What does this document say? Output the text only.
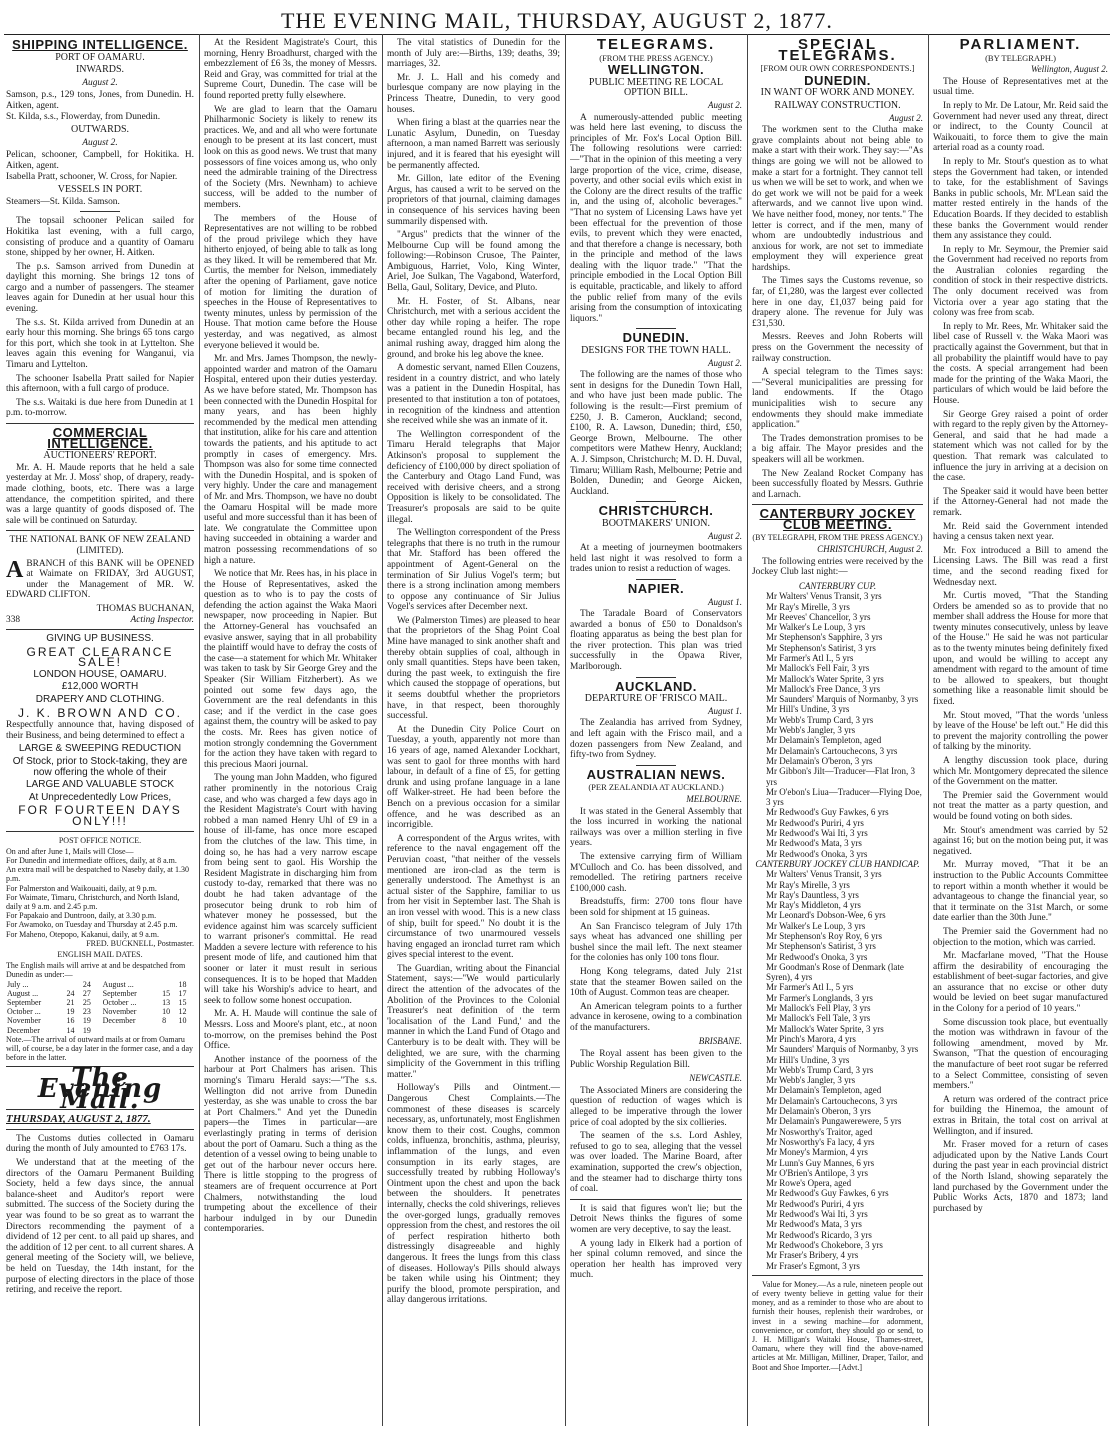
THE EVENING MAIL, THURSDAY, AUGUST 2, 1877.
SHIPPING INTELLIGENCE.
PORT OF OAMARU.
INWARDS.
August 2.

Samson, p.s., 129 tons, Jones, from Dunedin. H. Aitken, agent.
St. Kilda, s.s., Flowerday, from Dunedin.

OUTWARDS.
August 2.

Pelican, schooner, Campbell, for Hokitika. H. Aitken, agent.
Isabella Pratt, schooner, W. Cross, for Napier.

VESSELS IN PORT.

Steamers—St. Kilda. Samson.

The topsail schooner Pelican sailed for Hokitika last evening, with a full cargo, consisting of produce and a quantity of Oamaru stone, shipped by her owner, H. Aitken.

The p.s. Samson arrived from Dunedin at daylight this morning. She brings 12 tons of cargo and a number of passengers. The steamer leaves again for Dunedin at her usual hour this evening.

The s.s. St. Kilda arrived from Dunedin at an early hour this morning. She brings 65 tons cargo for this port, which she took in at Lyttelton. She leaves again this evening for Wanganui, via Timaru and Lyttelton.

The schooner Isabella Pratt sailed for Napier this afternoon, with a full cargo of produce.

The s.s. Waitaki is due here from Dunedin at 1 p.m. to-morrow.

COMMERCIAL INTELLIGENCE.
AUCTIONEERS' REPORT.

Mr. A. H. Maude reports that he held a sale yesterday at Mr. J. Moss' shop, of drapery, ready-made clothing, boots, etc. There was a large attendance, the competition spirited, and there was a large quantity of goods disposed of. The sale will be continued on Saturday.

THE NATIONAL BANK OF NEW ZEALAND (LIMITED).

ABRANCH of this BANK will be OPENED at Waimate on FRIDAY, 3rd AUGUST, under the Management of MR. W. EDWARD CLIFTON.

THOMAS BUCHANAN,
338	Acting Inspector.
GIVING UP BUSINESS.
GREAT CLEARANCE SALE!
LONDON HOUSE, OAMARU.
£12,000 WORTH
DRAPERY AND CLOTHING.
J. K. BROWN AND CO.

Respectfully announce that, having disposed of their Business, and being determined to effect a

LARGE & SWEEPING REDUCTION
Of Stock, prior to Stock-taking, they are now offering the whole of their
LARGE AND VALUABLE STOCK
At Unprecedentedly Low Prices,
FOR FOURTEEN DAYS ONLY!!!
POST OFFICE NOTICE.
On and after June 1, Mails will Close—
For Dunedin and intermediate offices, daily, at 8 a.m.
An extra mail will be despatched to Naseby daily, at 1.30 p.m.
For Palmerston and Waikouaiti, daily, at 9 p.m.
For Waimate, Timaru, Christchurch, and North Island, daily at 9 a.m. and 2.45 p.m.
For Papakaio and Duntroon, daily, at 3.30 p.m.
For Awamoko, on Tuesday and Thursday at 2.45 p.m.
For Maheno, Otepopo, Kakanui, daily, at 9 a.m.
FRED. BUCKNELL, Postmaster.
ENGLISH MAIL DATES.
The English mails will arrive at and be despatched from Dunedin as under:—
July ...		24		August ...		18
August ...	24	27		September	15	17
September	21	25		October ...	13	15
October ...	19	23		November	10	12
November	16	19		December	8	10
December	14	19				
Note.—The arrival of outward mails at or from Oamaru will, of course, be a day later in the former case, and a day before in the latter.
The Evening Mail.
THURSDAY, AUGUST 2, 1877.

The Customs duties collected in Oamaru during the month of July amounted to £763 17s.

We understand that at the meeting of the directors of the Oamaru Permanent Building Society, held a few days since, the annual balance-sheet and Auditor's report were submitted. The success of the Society during the year was found to be so great as to warrant the Directors recommending the payment of a dividend of 12 per cent. to all paid up shares, and the addition of 12 per cent. to all current shares. A general meeting of the Society will, we believe, be held on Tuesday, the 14th instant, for the purpose of electing directors in the place of those retiring, and receive the report.

At the Resident Magistrate's Court, this morning, Henry Broadhurst, charged with the embezzlement of £6 3s, the money of Messrs. Reid and Gray, was committed for trial at the Supreme Court, Dunedin. The case will be found reported pretty fully elsewhere.

We are glad to learn that the Oamaru Philharmonic Society is likely to renew its practices. We, and and all who were fortunate enough to be present at its last concert, must look on this as good news. We trust that many possessors of fine voices among us, who only need the admirable training of the Directress of the Society (Mrs. Newnham) to achieve success, will be added to the number of members.

The members of the House of Representatives are not willing to be robbed of the proud privilege which they have hitherto enjoyed, of being able to talk as long as they liked. It will be remembered that Mr. Curtis, the member for Nelson, immediately after the opening of Parliament, gave notice of motion for limiting the duration of speeches in the House of Representatives to twenty minutes, unless by permission of the House. That motion came before the House yesterday, and was negatived, as almost everyone believed it would be.

Mr. and Mrs. James Thompson, the newly-appointed warder and matron of the Oamaru Hospital, entered upon their duties yesterday. As we have before stated, Mr. Thompson has been connected with the Dunedin Hospital for many years, and has been highly recommended by the medical men attending that institution, alike for his care and attention towards the patients, and his aptitude to act promptly in cases of emergency. Mrs. Thompson was also for some time connected with the Dunedin Hospital, and is spoken of very highly. Under the care and management of Mr. and Mrs. Thompson, we have no doubt the Oamaru Hospital will be made more useful and more successful than it has been of late. We congratulate the Committee upon having succeeded in obtaining a warder and matron possessing recommendations of so high a nature.

We notice that Mr. Rees has, in his place in the House of Representatives, asked the question as to who is to pay the costs of defending the action against the Waka Maori newspaper, now proceeding in Napier. But the Attorney-General has vouchsafed an evasive answer, saying that in all probability the plaintiff would have to defray the costs of the case—a statement for which Mr. Whitaker was taken to task by Sir George Grey and the Speaker (Sir William Fitzherbert). As we pointed out some few days ago, the Government are the real defendants in this case; and if the verdict in the case goes against them, the country will be asked to pay the costs. Mr. Rees has given notice of motion strongly condemning the Government for the action they have taken with regard to this precious Maori journal.

The young man John Madden, who figured rather prominently in the notorious Craig case, and who was charged a few days ago in the Resident Magistrate's Court with having robbed a man named Henry Uhl of £9 in a house of ill-fame, has once more escaped from the clutches of the law. This time, in doing so, he has had a very narrow escape from being sent to gaol. His Worship the Resident Magistrate in discharging him from custody to-day, remarked that there was no doubt he had taken advantage of the prosecutor being drunk to rob him of whatever money he possessed, but the evidence against him was scarcely sufficient to warrant prisoner's committal. He read Madden a severe lecture with reference to his present mode of life, and cautioned him that sooner or later it must result in serious consequences. It is to be hoped that Madden will take his Worship's advice to heart, and seek to follow some honest occupation.

Mr. A. H. Maude will continue the sale of Messrs. Loss and Moore's plant, etc., at noon to-morrow, on the premises behind the Post Office.

Another instance of the poorness of the harbour at Port Chalmers has arisen. This morning's Timaru Herald says:—"The s.s. Wellington did not arrive from Dunedin yesterday, as she was unable to cross the bar at Port Chalmers." And yet the Dunedin papers—the Times in particular—are everlastingly prating in terms of derision about the port of Oamaru. Such a thing as the detention of a vessel owing to being unable to get out of the harbour never occurs here. There is little stopping to the progress of steamers are of frequent occurrence at Port Chalmers, notwithstanding the loud trumpeting about the excellence of their harbour indulged in by our Dunedin contemporaries.

The vital statistics of Dunedin for the month of July are:—Births, 139; deaths, 39; marriages, 32.

Mr. J. L. Hall and his comedy and burlesque company are now playing in the Princess Theatre, Dunedin, to very good houses.

When firing a blast at the quarries near the Lunatic Asylum, Dunedin, on Tuesday afternoon, a man named Barrett was seriously injured, and it is feared that his eyesight will be permanently affected.

Mr. Gillon, late editor of the Evening Argus, has caused a writ to be served on the proprietors of that journal, claiming damages in consequence of his services having been summarily dispensed with.

"Argus" predicts that the winner of the Melbourne Cup will be found among the following:—Robinson Crusoe, The Painter, Ambiguous, Harriet, Volo, King Winter, Ariel, Joe Sulkan, The Vagabond, Waterford, Bella, Gaul, Solitary, Device, and Pluto.

Mr. H. Foster, of St. Albans, near Christchurch, met with a serious accident the other day while roping a heifer. The rope became entangled round his leg, and the animal rushing away, dragged him along the ground, and broke his leg above the knee.

A domestic servant, named Ellen Couzens, resident in a country district, and who lately was a patient in the Dunedin Hospital, has presented to that institution a ton of potatoes, in recognition of the kindness and attention she received while she was an inmate of it.

The Wellington correspondent of the Timaru Herald telegraphs that Major Atkinson's proposal to supplement the deficiency of £100,000 by direct spoliation of the Canterbury and Otago Land Fund, was received with derisive cheers, and a strong Opposition is likely to be consolidated. The Treasurer's proposals are said to be quite illegal.

The Wellington correspondent of the Press telegraphs that there is no truth in the rumour that Mr. Stafford has been offered the appointment of Agent-General on the termination of Sir Julius Vogel's term; but there is a strong inclination among members to oppose any continuance of Sir Julius Vogel's services after December next.

We (Palmerston Times) are pleased to hear that the proprietors of the Shag Point Coal Mine have managed to sink another shaft and thereby obtain supplies of coal, although in only small quantities. Steps have been taken, during the past week, to extinguish the fire which caused the stoppage of operations, but it seems doubtful whether the proprietors have, in that respect, been thoroughly successful.

At the Dunedin City Police Court on Tuesday, a youth, apparently not more than 16 years of age, named Alexander Lockhart, was sent to gaol for three months with hard labour, in default of a fine of £5, for getting drunk and using profane language in a lane off Walker-street. He had been before the Bench on a previous occasion for a similar offence, and he was described as an incorrigible.

A correspondent of the Argus writes, with reference to the naval engagement off the Peruvian coast, "that neither of the vessels mentioned are iron-clad as the term is generally understood. The Amethyst is an actual sister of the Sapphire, familiar to us from her visit in September last. The Shah is an iron vessel with wood. This is a new class of ship, built for speed." No doubt it is the circumstance of two unarmoured vessels having engaged an ironclad turret ram which gives special interest to the event.

The Guardian, writing about the Financial Statement, says:—"We would particularly direct the attention of the advocates of the Abolition of the Provinces to the Colonial Treasurer's neat definition of the term 'localisation of the Land Fund,' and the manner in which the Land Fund of Otago and Canterbury is to be dealt with. They will be delighted, we are sure, with the charming simplicity of the Government in this trifling matter."

Holloway's Pills and Ointment.—Dangerous Chest Complaints.—The commonest of these diseases is scarcely necessary, as, unfortunately, most Englishmen know them to their cost. Coughs, common colds, influenza, bronchitis, asthma, pleurisy, inflammation of the lungs, and even consumption in its early stages, are successfully treated by rubbing Holloway's Ointment upon the chest and upon the back between the shoulders. It penetrates internally, checks the cold shiverings, relieves the over-gorged lungs, gradually removes oppression from the chest, and restores the oil of perfect respiration hitherto both distressingly disagreeable and highly dangerous. It frees the lungs from this class of diseases. Holloway's Pills should always be taken while using his Ointment; they purify the blood, promote perspiration, and allay dangerous irritations.

TELEGRAMS.
(FROM THE PRESS AGENCY.)
WELLINGTON.
PUBLIC MEETING RE LOCAL OPTION BILL.
August 2.

A numerously-attended public meeting was held here last evening, to discuss the principles of Mr. Fox's Local Option Bill. The following resolutions were carried:—"That in the opinion of this meeting a very large proportion of the vice, crime, disease, poverty, and other social evils which exist in the Colony are the direct results of the traffic in, and the using of, alcoholic beverages." "That no system of Licensing Laws have yet been effectual for the prevention of those evils, to prevent which they were enacted, and that therefore a change is necessary, both in the principle and method of the laws dealing with the liquor trade." "That the principle embodied in the Local Option Bill is equitable, practicable, and likely to afford the public relief from many of the evils arising from the consumption of intoxicating liquors."

DUNEDIN.
DESIGNS FOR THE TOWN HALL.
August 2.

The following are the names of those who sent in designs for the Dunedin Town Hall, and who have just been made public. The following is the result:—First premium of £250, J. B. Cameron, Auckland; second, £100, R. A. Lawson, Dunedin; third, £50, George Brown, Melbourne. The other competitors were Mathew Henry, Auckland; A. J. Simpson, Christchurch; M. D. H. Duval, Timaru; William Rash, Melbourne; Petrie and Bolden, Dunedin; and George Aicken, Auckland.

CHRISTCHURCH.
BOOTMAKERS' UNION.
August 2.

At a meeting of journeymen bootmakers held last night it was resolved to form a trades union to resist a reduction of wages.

NAPIER.
August 1.

The Taradale Board of Conservators awarded a bonus of £50 to Donaldson's floating apparatus as being the best plan for the river protection. This plan was tried successfully in the Opawa River, Marlborough.

AUCKLAND.
DEPARTURE OF 'FRISCO MAIL.
August 1.

The Zealandia has arrived from Sydney, and left again with the Frisco mail, and a dozen passengers from New Zealand, and fifty-two from Sydney.

AUSTRALIAN NEWS.
(PER ZEALANDIA AT AUCKLAND.)
MELBOURNE.

It was stated in the General Assembly that the loss incurred in working the national railways was over a million sterling in five years.

The extensive carrying firm of William M'Culloch and Co. has been dissolved, and remodelled. The retiring partners receive £100,000 cash.

Breadstuffs, firm: 2700 tons flour have been sold for shipment at 15 guineas.

An San Francisco telegram of July 17th says wheat has advanced one shilling per bushel since the mail left. The next steamer for the colonies has only 100 tons flour.

Hong Kong telegrams, dated July 21st state that the steamer Bowen sailed on the 10th of August. Common teas are cheaper.

An American telegram points to a further advance in kerosene, owing to a combination of the manufacturers.

BRISBANE.

The Royal assent has been given to the Public Worship Regulation Bill.

NEWCASTLE.

The Associated Miners are considering the question of reduction of wages which is alleged to be imperative through the lower price of coal adopted by the six collieries.

The seamen of the s.s. Lord Ashley, refused to go to sea, alleging that the vessel was over loaded. The Marine Board, after examination, supported the crew's objection, and the steamer had to discharge thirty tons of coal.

It is said that figures won't lie; but the Detroit News thinks the figures of some women are very deceptive, to say the least.

A young lady in Elkerk had a portion of her spinal column removed, and since the operation her health has improved very much.

SPECIAL TELEGRAMS.
[FROM OUR OWN CORRESPONDENTS.]
DUNEDIN.
IN WANT OF WORK AND MONEY.
RAILWAY CONSTRUCTION.
August 2.

The workmen sent to the Clutha make grave complaints about not being able to make a start with their work. They say:—"As things are going we will not be allowed to make a start for a fortnight. They cannot tell us when we will be set to work, and when we do get work we will not be paid for a week afterwards, and we cannot live upon wind. We have neither food, money, nor tents." The letter is correct, and if the men, many of whom are undoubtedly industrious and anxious for work, are not set to immediate employment they will experience great hardships.

The Times says the Customs revenue, so far, of £1,280, was the largest ever collected here in one day, £1,037 being paid for drapery alone. The revenue for July was £31,530.

Messrs. Reeves and John Roberts will press on the Government the necessity of railway construction.

A special telegram to the Times says:—"Several municipalities are pressing for land endowments. If the Otago municipalities wish to secure any endowments they should make immediate application."

The Trades demonstration promises to be a big affair. The Mayor presides and the speakers will all be workmen.

The New Zealand Rocket Company has been successfully floated by Messrs. Guthrie and Larnach.

CANTERBURY JOCKEY CLUB MEETING.
(BY TELEGRAPH, FROM THE PRESS AGENCY.)
CHRISTCHURCH, August 2.

The following entries were received by the Jockey Club last night:—

CANTERBURY CUP.
Mr Walters' Venus Transit, 3 yrs
Mr Ray's Mirelle, 3 yrs
Mr Reeves' Chancellor, 3 yrs
Mr Walker's Le Loup, 3 yrs
Mr Stephenson's Sapphire, 3 yrs
Mr Stephenson's Satirist, 3 yrs
Mr Farmer's Atl I., 5 yrs
Mr Mallock's Fell Fair, 3 yrs
Mr Mallock's Water Sprite, 3 yrs
Mr Mallock's Free Dance, 3 yrs
Mr Saunders' Marquis of Normanby, 3 yrs
Mr Hill's Undine, 3 yrs
Mr Webb's Trump Card, 3 yrs
Mr Webb's Jangler, 3 yrs
Mr Delamain's Templeton, aged
Mr Delamain's Cartouchecons, 3 yrs
Mr Delamain's O'beron, 3 yrs
Mr Gibbon's Jilt—Traducer—Flat Iron, 3 yrs
Mr O'ebon's Liua—Traducer—Flying Doe, 3 yrs
Mr Redwood's Guy Fawkes, 6 yrs
Mr Redwood's Puriri, 4 yrs
Mr Redwood's Wai Iti, 3 yrs
Mr Redwood's Mata, 3 yrs
Mr Redwood's Onoka, 3 yrs
CANTERBURY JOCKEY CLUB HANDICAP.
Mr Walters' Venus Transit, 3 yrs
Mr Ray's Mirelle, 3 yrs
Mr Ray's Dauntless, 3 yrs
Mr Ray's Middleton, 4 yrs
Mr Leonard's Dobson-Wee, 6 yrs
Mr Walker's Le Loup, 3 yrs
Mr Stephenson's Roy Roy, 6 yrs
Mr Stephenson's Satirist, 3 yrs
Mr Redwood's Onoka, 3 yrs
Mr Goodman's Rose of Denmark (late Syren), 4 yrs
Mr Farmer's Atl I., 5 yrs
Mr Farmer's Longlands, 3 yrs
Mr Mallock's Fell Play, 3 yrs
Mr Mallock's Fell Tale, 3 yrs
Mr Mallock's Water Sprite, 3 yrs
Mr Pinch's Marora, 4 yrs
Mr Saunders' Marquis of Normanby, 3 yrs
Mr Hill's Undine, 3 yrs
Mr Webb's Trump Card, 3 yrs
Mr Webb's Jangler, 3 yrs
Mr Delamain's Templeton, aged
Mr Delamain's Cartouchecons, 3 yrs
Mr Delamain's Oberon, 3 yrs
Mr Delamain's Pungawerewere, 5 yrs
Mr Nosworthy's Traitor, aged
Mr Nosworthy's Fa lacy, 4 yrs
Mr Money's Marmion, 4 yrs
Mr Lunn's Guy Mannes, 6 yrs
Mr O'Brien's Antilope, 3 yrs
Mr Rowe's Opera, aged
Mr Redwood's Guy Fawkes, 6 yrs
Mr Redwood's Puriri, 4 yrs
Mr Redwood's Wai Iti, 3 yrs
Mr Redwood's Mata, 3 yrs
Mr Redwood's Ricardo, 3 yrs
Mr Redwood's Chokebore, 3 yrs
Mr Fraser's Bribery, 4 yrs
Mr Fraser's Egmont, 3 yrs

Value for Money.—As a rule, nineteen people out of every twenty believe in getting value for their money, and as a reminder to those who are about to furnish their houses, replenish their wardrobes, or invest in a sewing machine—for adornment, convenience, or comfort, they should go or send, to J. H. Milligan's Waitaki House, Thames-street, Oamaru, where they will find the above-named articles at Mr. Milligan, Milliner, Draper, Tailor, and Boot and Shoe Importer.—[Advt.]

PARLIAMENT.
(BY TELEGRAPH.)
Wellington, August 2.

The House of Representatives met at the usual time.

In reply to Mr. De Latour, Mr. Reid said the Government had never used any threat, direct or indirect, to the County Council at Waikouaiti, to force them to give the main arterial road as a county road.

In reply to Mr. Stout's question as to what steps the Government had taken, or intended to take, for the establishment of Savings Banks in public schools, Mr. M'Lean said the matter rested entirely in the hands of the Education Boards. If they decided to establish these banks the Government would render them any assistance they could.

In reply to Mr. Seymour, the Premier said the Government had received no reports from the Australian colonies regarding the condition of stock in their respective districts. The only document received was from Victoria over a year ago stating that the colony was free from scab.

In reply to Mr. Rees, Mr. Whitaker said the libel case of Russell v. the Waka Maori was practically against the Government, but that in all probability the plaintiff would have to pay the costs. A special arrangement had been made for the printing of the Waka Maori, the particulars of which would be laid before the House.

Sir George Grey raised a point of order with regard to the reply given by the Attorney-General, and said that he had made a statement which was not called for by the question. That remark was calculated to influence the jury in arriving at a decision on the case.

The Speaker said it would have been better if the Attorney-General had not made the remark.

Mr. Reid said the Government intended having a census taken next year.

Mr. Fox introduced a Bill to amend the Licensing Laws. The Bill was read a first time, and the second reading fixed for Wednesday next.

Mr. Curtis moved, "That the Standing Orders be amended so as to provide that no member shall address the House for more that twenty minutes consecutively, unless by leave of the House." He said he was not particular as to the twenty minutes being definitely fixed upon, and would be willing to accept any amendment with regard to the amount of time to be allowed to speakers, but thought something like a reasonable limit should be fixed.

Mr. Stout moved, "That the words 'unless by leave of the House' be left out." He did this to prevent the majority controlling the power of talking by the minority.

A lengthy discussion took place, during which Mr. Montgomery deprecated the silence of the Government on the matter.

The Premier said the Government would not treat the matter as a party question, and would be found voting on both sides.

Mr. Stout's amendment was carried by 52 against 16; but on the motion being put, it was negatived.

Mr. Murray moved, "That it be an instruction to the Public Accounts Committee to report within a month whether it would be advantageous to change the financial year, so that it terminate on the 31st March, or some date earlier than the 30th June."

The Premier said the Government had no objection to the motion, which was carried.

Mr. Macfarlane moved, "That the House affirm the desirability of encouraging the establishment of beet-sugar factories, and give an assurance that no excise or other duty would be levied on beet sugar manufactured in the Colony for a period of 10 years."

Some discussion took place, but eventually the motion was withdrawn in favour of the following amendment, moved by Mr. Swanson, "That the question of encouraging the manufacture of beet root sugar be referred to a Select Committee, consisting of seven members."

A return was ordered of the contract price for building the Hinemoa, the amount of extras in Britain, the total cost on arrival at Wellington, and if insured.

Mr. Fraser moved for a return of cases adjudicated upon by the Native Lands Court during the past year in each provincial district of the North Island, showing separately the land purchased by the Government under the Public Works Acts, 1870 and 1873; land purchased by
